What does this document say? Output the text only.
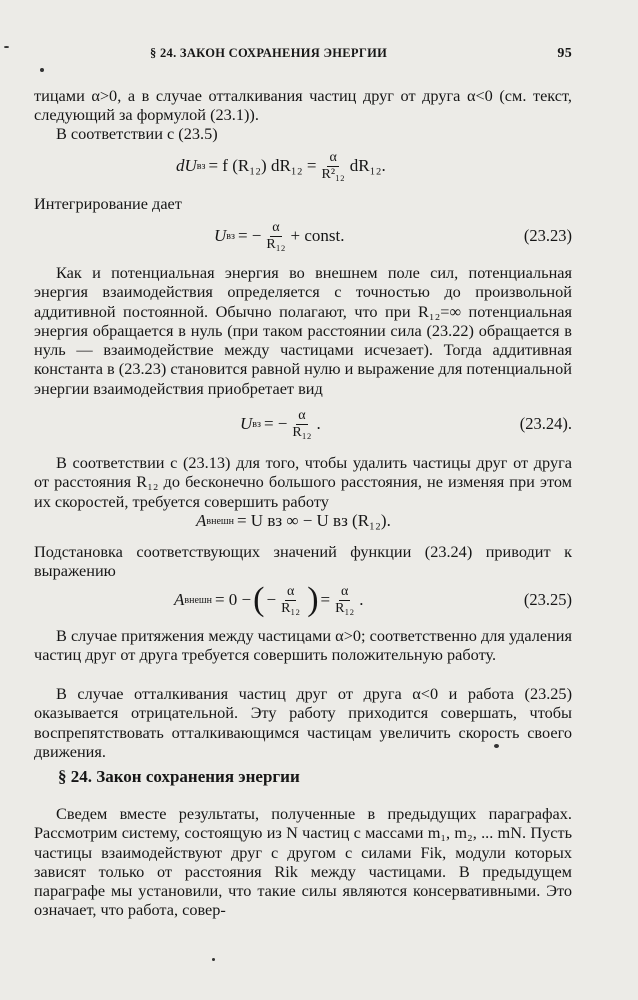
§ 24. ЗАКОН СОХРАНЕНИЯ ЭНЕРГИИ	95

тицами α>0, а в случае отталкивания частиц друг от друга α<0 (см. текст, следующий за формулой (23.1)).

В соответствии с (23.5)

dU вз = f (R₁₂) $dR_{12} = \frac{\alpha}{\text{R²₁₂}} dR_{12}$.

Интегрирование дает

U вз = − $\frac{\alpha}{\text{R₁₂}}$ + const.	(23.23)

Как и потенциальная энергия во внешнем поле сил, потенциальная энергия взаимодействия определяется с точностью до произвольной аддитивной постоянной. Обычно полагают, что при R₁₂=∞ потенциальная энергия обращается в нуль (при таком расстоянии сила (23.22) обращается в нуль — взаимодействие между частицами исчезает). Тогда аддитивная константа в (23.23) становится равной нулю и выражение для потенциальной энергии взаимодействия приобретает вид

U вз = − $\frac{\alpha}{\text{R₁₂}}$ .	(23.24).

В соответствии с (23.13) для того, чтобы удалить частицы друг от друга от расстояния R₁₂ до бесконечно большого расстояния, не изменяя при этом их скоростей, требуется совершить работу

A внешн = U вз ∞ − U вз (R₁₂).

Подстановка соответствующих значений функции (23.24) приводит к выражению

A внешн = 0 − ( − $\frac{\alpha}{\text{R₁₂}}$ ) = $\frac{\alpha}{\text{R₁₂}}$ .	(23.25)

В случае притяжения между частицами α>0; соответственно для удаления частиц друг от друга требуется совершить положительную работу.

В случае отталкивания частиц друг от друга α<0 и работа (23.25) оказывается отрицательной. Эту работу приходится совершать, чтобы воспрепятствовать отталкивающимся частицам увеличить скорость своего движения.

§ 24. Закон сохранения энергии

Сведем вместе результаты, полученные в предыдущих параграфах. Рассмотрим систему, состоящую из N частиц с массами m₁, m₂, ... mN. Пусть частицы взаимодействуют друг с другом с силами Fik, модули которых зависят только от расстояния Rik между частицами. В предыдущем параграфе мы установили, что такие силы являются консервативными. Это означает, что работа, совер-
